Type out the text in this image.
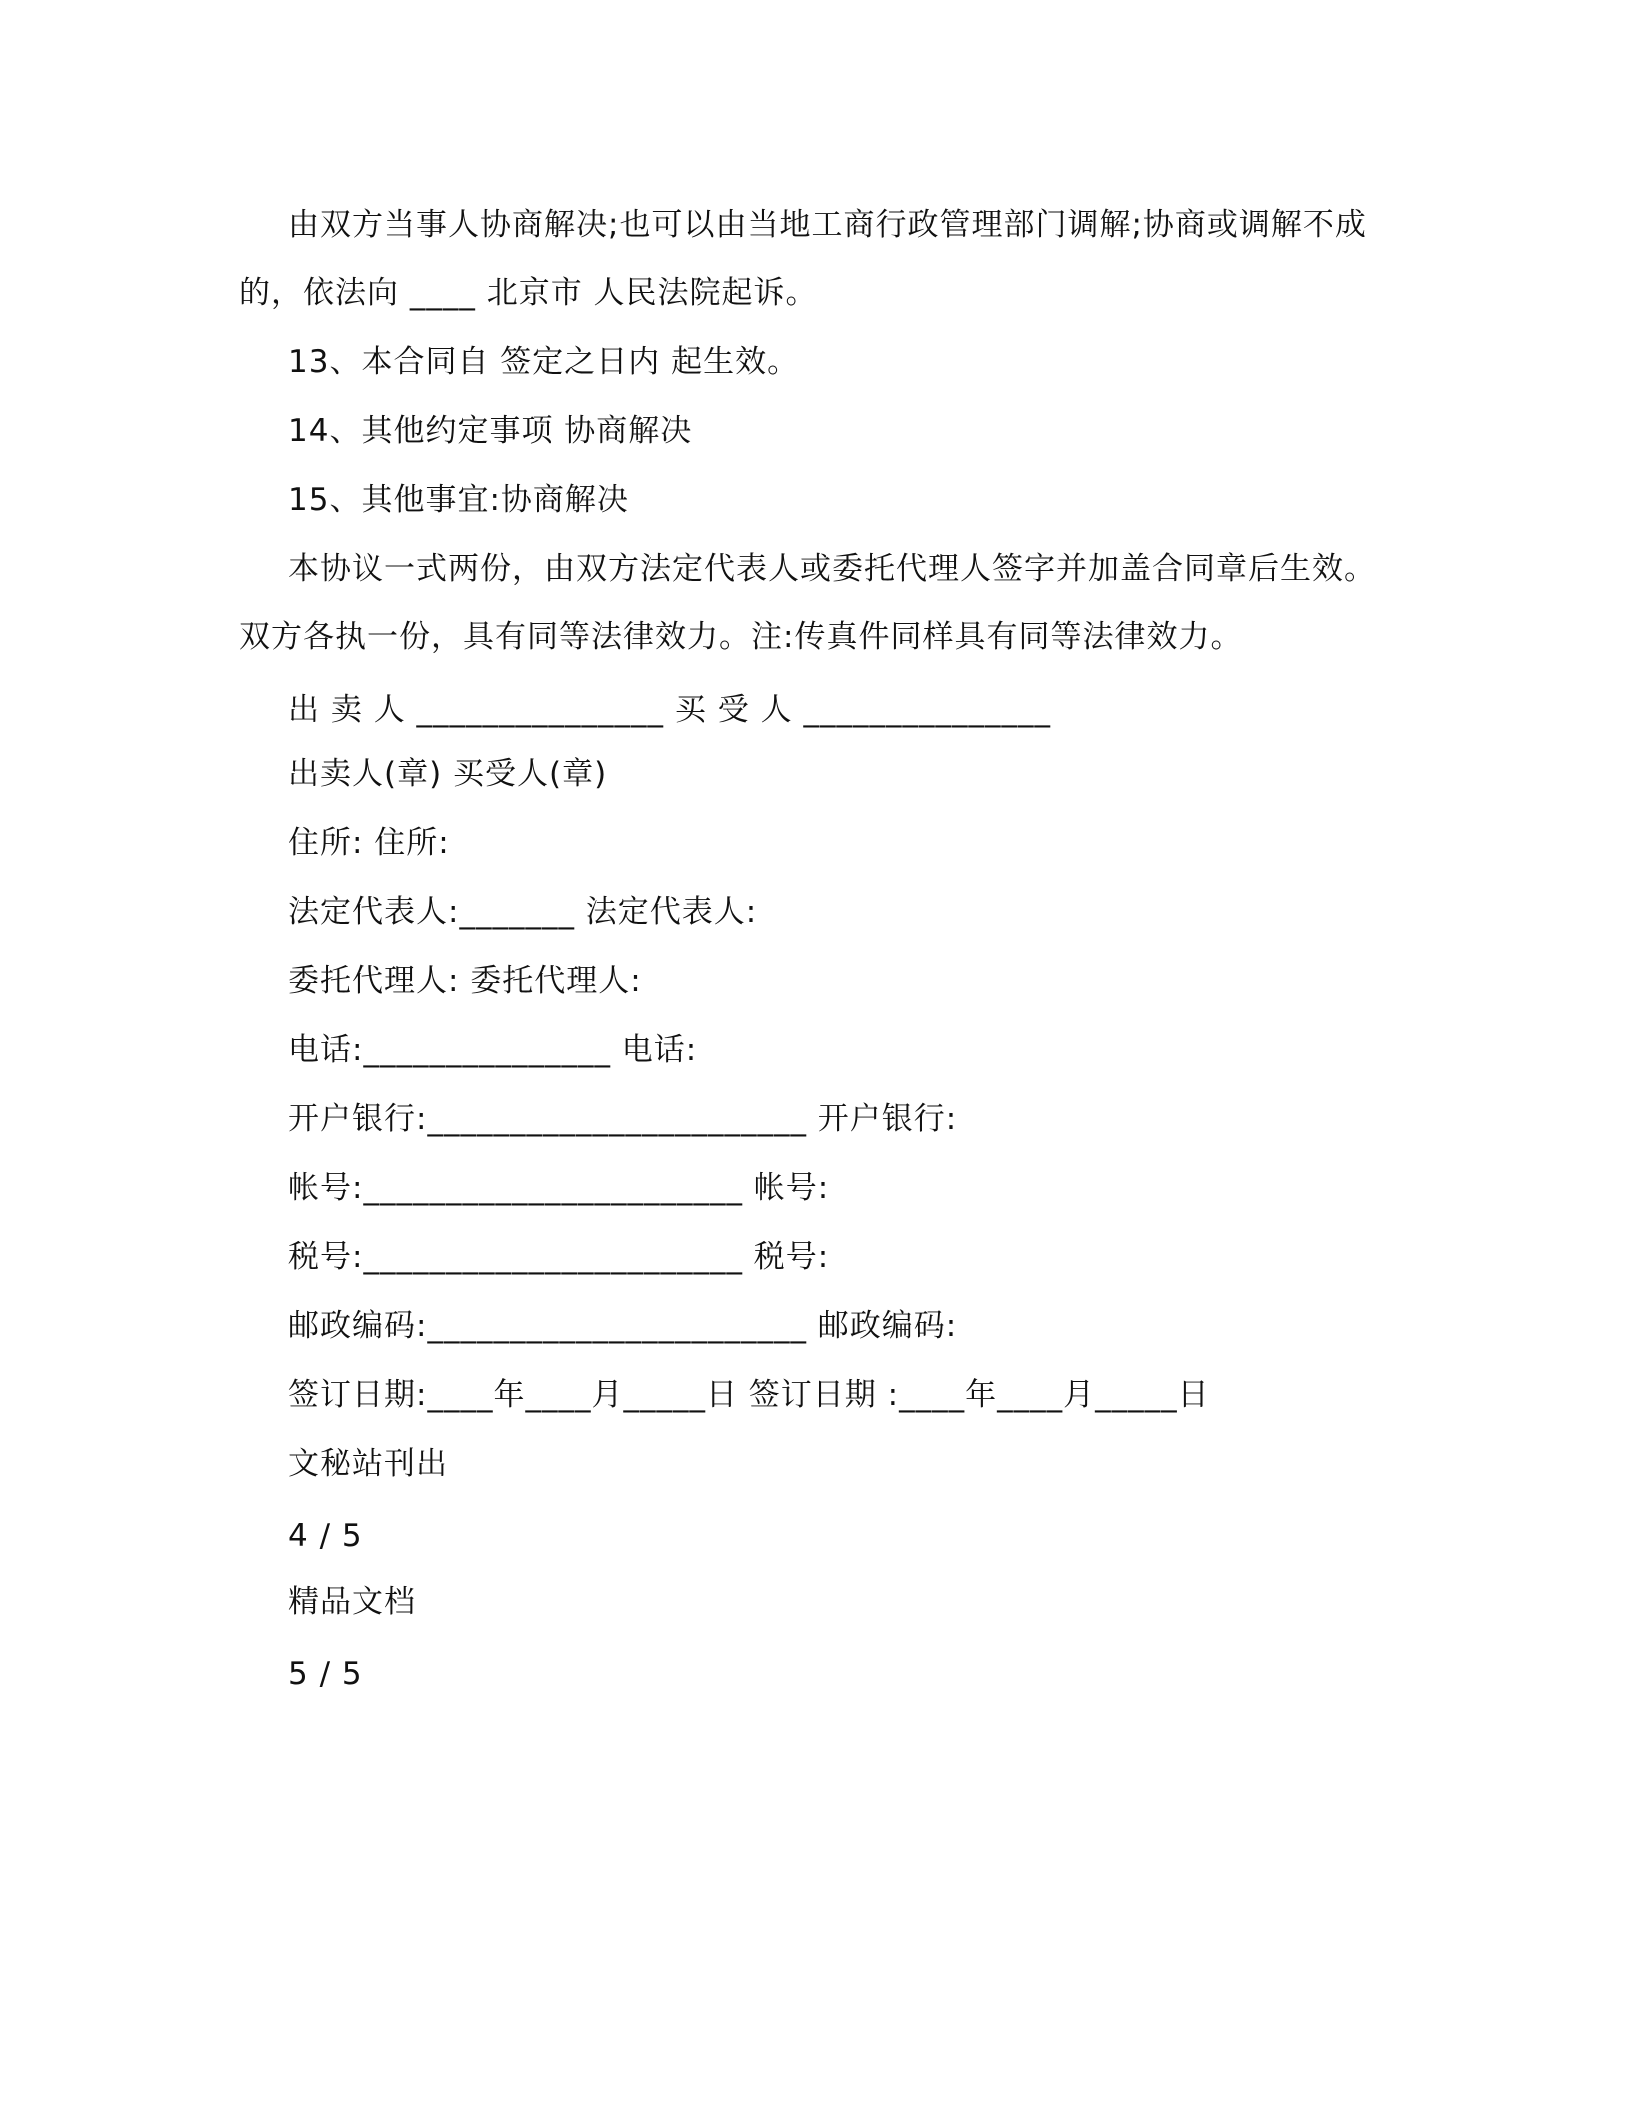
由双方当事人协商解决;也可以由当地工商行政管理部门调解;协商或调解不成
的，依法向 ____ 北京市 人民法院起诉。
13、本合同自 签定之日内 起生效。
14、其他约定事项 协商解决
15、其他事宜:协商解决
本协议一式两份，由双方法定代表人或委托代理人签字并加盖合同章后生效。
双方各执一份，具有同等法律效力。注:传真件同样具有同等法律效力。
出 卖 人 _______________ 买 受 人 _______________
出卖人(章) 买受人(章)
住所: 住所:
法定代表人:_______ 法定代表人:
委托代理人: 委托代理人:
电话:_______________ 电话:
开户银行:_______________________ 开户银行:
帐号:_______________________ 帐号:
税号:_______________________ 税号:
邮政编码:_______________________ 邮政编码:
签订日期:____年____月_____日 签订日期 :____年____月_____日
文秘站刊出
4 / 5
精品文档
5 / 5
